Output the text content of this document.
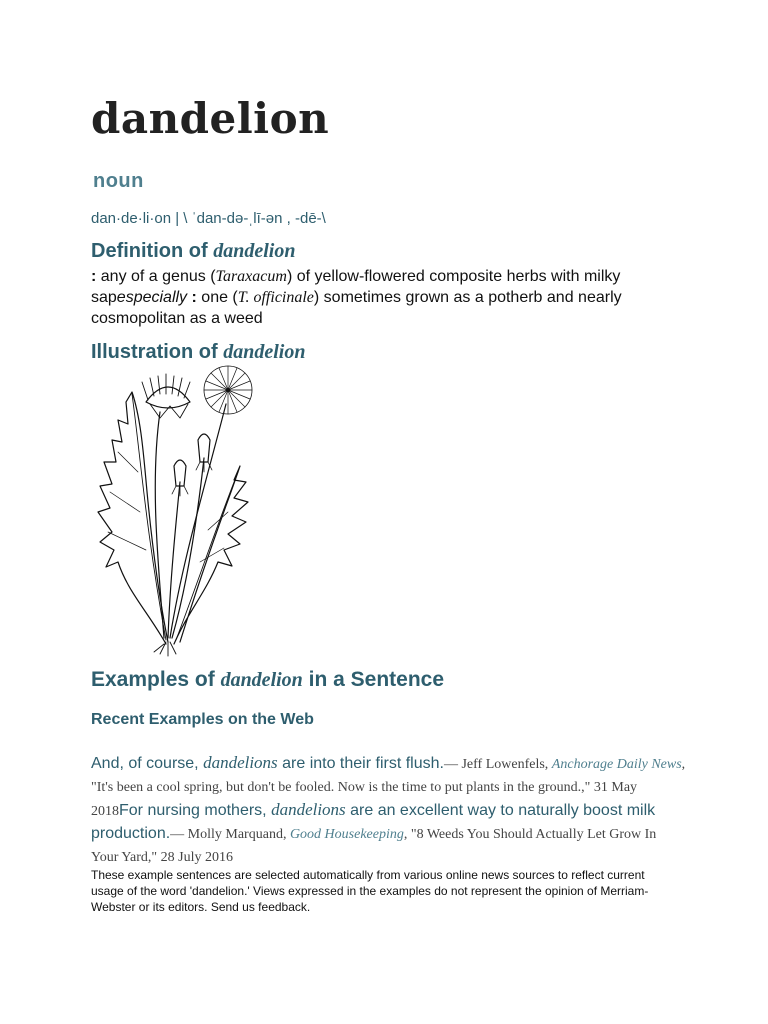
dandelion
noun
dan·de·li·on | \ ˈdan-də-ˌlī-ən , -dē-\
Definition of dandelion
: any of a genus (Taraxacum) of yellow-flowered composite herbs with milky sapespecially : one (T. officinale) sometimes grown as a potherb and nearly cosmopolitan as a weed
Illustration of dandelion
Examples of dandelion in a Sentence
Recent Examples on the Web
And, of course, dandelions are into their first flush.— Jeff Lowenfels, Anchorage Daily News, "It's been a cool spring, but don't be fooled. Now is the time to put plants in the ground.," 31 May 2018For nursing mothers, dandelions are an excellent way to naturally boost milk production.— Molly Marquand, Good Housekeeping, "8 Weeds You Should Actually Let Grow In Your Yard," 28 July 2016
These example sentences are selected automatically from various online news sources to reflect current usage of the word 'dandelion.' Views expressed in the examples do not represent the opinion of Merriam-Webster or its editors. Send us feedback.
